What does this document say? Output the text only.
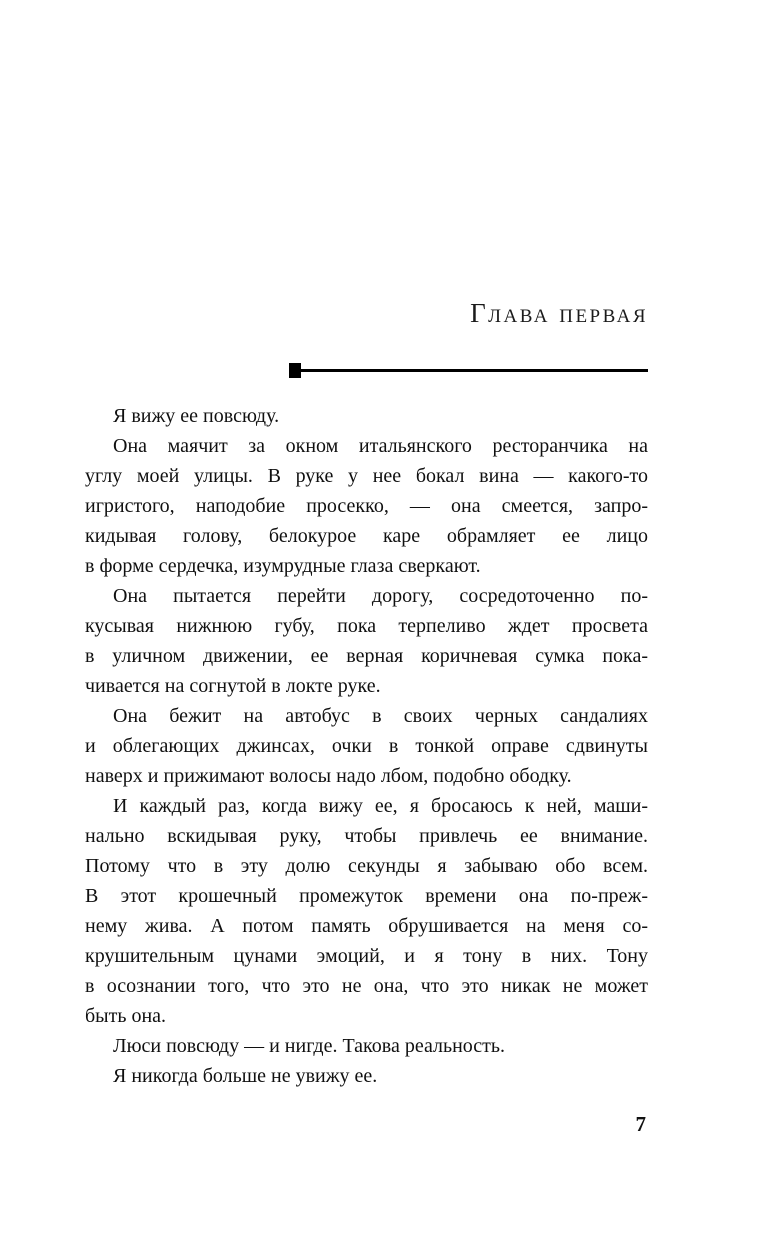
Глава первая
Я вижу ее повсюду.
Она маячит за окном итальянского ресторанчика на
углу моей улицы. В руке у нее бокал вина — какого-то
игристого, наподобие просекко, — она смеется, запро-
кидывая голову, белокурое каре обрамляет ее лицо
в форме сердечка, изумрудные глаза сверкают.
Она пытается перейти дорогу, сосредоточенно по-
кусывая нижнюю губу, пока терпеливо ждет просвета
в уличном движении, ее верная коричневая сумка пока-
чивается на согнутой в локте руке.
Она бежит на автобус в своих черных сандалиях
и облегающих джинсах, очки в тонкой оправе сдвинуты
наверх и прижимают волосы надо лбом, подобно ободку.
И каждый раз, когда вижу ее, я бросаюсь к ней, маши-
нально вскидывая руку, чтобы привлечь ее внимание.
Потому что в эту долю секунды я забываю обо всем.
В этот крошечный промежуток времени она по-преж-
нему жива. А потом память обрушивается на меня со-
крушительным цунами эмоций, и я тону в них. Тону
в осознании того, что это не она, что это никак не может
быть она.
Люси повсюду — и нигде. Такова реальность.
Я никогда больше не увижу ее.
7
